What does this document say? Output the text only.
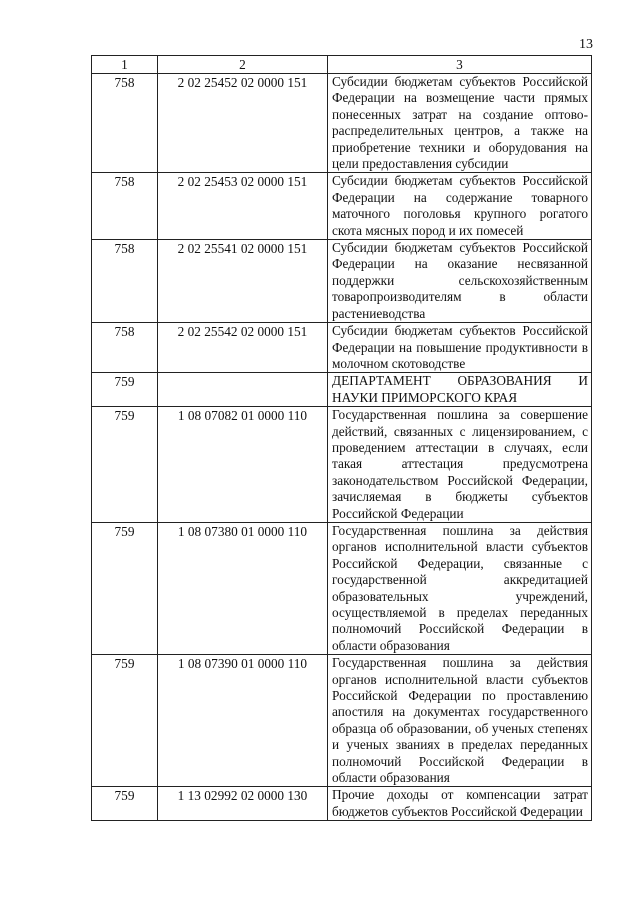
13
1	2	3
758	2 02 25452 02 0000 151	Субсидии бюджетам субъектов Российской Федерации на возмещение части прямых понесенных затрат на создание оптово-распределительных центров, а также на приобретение техники и оборудования на цели предоставления субсидии
758	2 02 25453 02 0000 151	Субсидии бюджетам субъектов Российской Федерации на содержание товарного маточного поголовья крупного рогатого скота мясных пород и их помесей
758	2 02 25541 02 0000 151	Субсидии бюджетам субъектов Российской Федерации на оказание несвязанной поддержки сельскохозяйственным товаропроизводителям в области растениеводства
758	2 02 25542 02 0000 151	Субсидии бюджетам субъектов Российской Федерации на повышение продуктивности в молочном скотоводстве
759		ДЕПАРТАМЕНТ ОБРАЗОВАНИЯ И НАУКИ ПРИМОРСКОГО КРАЯ
759	1 08 07082 01 0000 110	Государственная пошлина за совершение действий, связанных с лицензированием, с проведением аттестации в случаях, если такая аттестация предусмотрена законодательством Российской Федерации, зачисляемая в бюджеты субъектов Российской Федерации
759	1 08 07380 01 0000 110	Государственная пошлина за действия органов исполнительной власти субъектов Российской Федерации, связанные с государственной аккредитацией образовательных учреждений, осуществляемой в пределах переданных полномочий Российской Федерации в области образования
759	1 08 07390 01 0000 110	Государственная пошлина за действия органов исполнительной власти субъектов Российской Федерации по проставлению апостиля на документах государственного образца об образовании, об ученых степенях и ученых званиях в пределах переданных полномочий Российской Федерации в области образования
759	1 13 02992 02 0000 130	Прочие доходы от компенсации затрат бюджетов субъектов Российской Федерации
